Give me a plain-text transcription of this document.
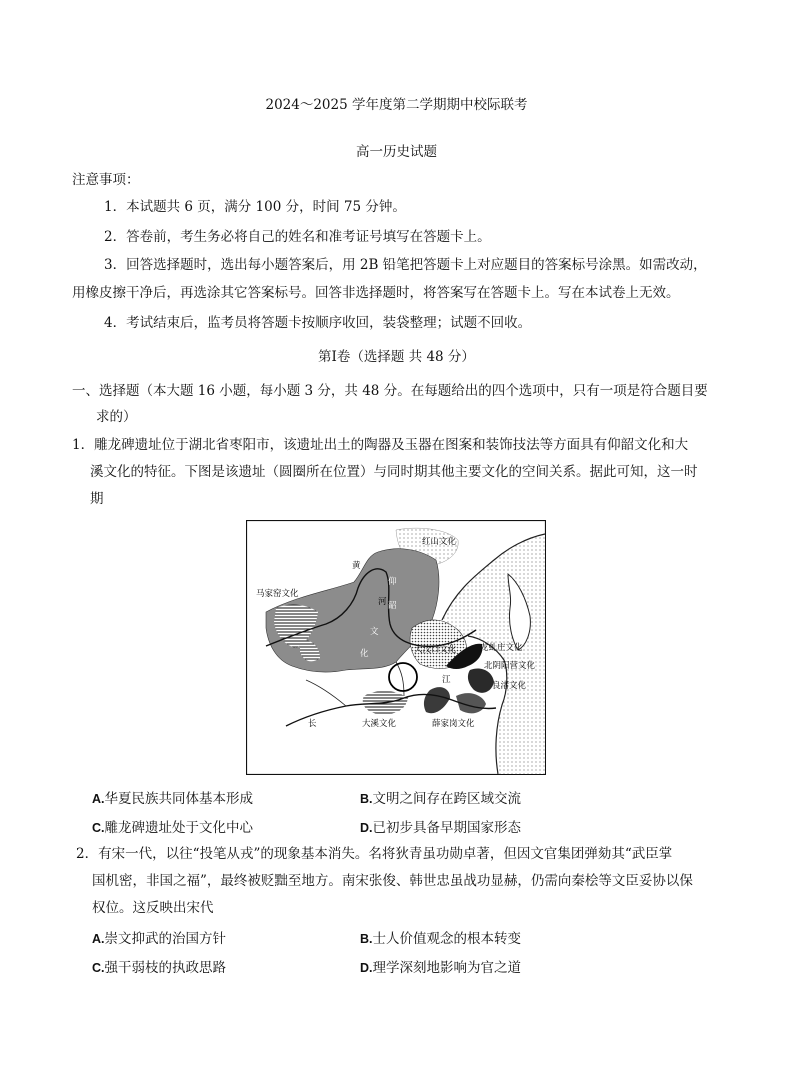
2024～2025 学年度第二学期期中校际联考
高一历史试题
注意事项：
1．本试题共 6 页，满分 100 分，时间 75 分钟。
2．答卷前，考生务必将自己的姓名和准考证号填写在答题卡上。
3．回答选择题时，选出每小题答案后，用 2B 铅笔把答题卡上对应题目的答案标号涂黑。如需改动，
用橡皮擦干净后，再选涂其它答案标号。回答非选择题时，将答案写在答题卡上。写在本试卷上无效。
4．考试结束后，监考员将答题卡按顺序收回，装袋整理；试题不回收。
第Ⅰ卷（选择题 共 48 分）
一、选择题（本大题 16 小题，每小题 3 分，共 48 分。在每题给出的四个选项中，只有一项是符合题目要
求的）
1．雕龙碑遗址位于湖北省枣阳市，该遗址出土的陶器及玉器在图案和装饰技法等方面具有仰韶文化和大
溪文化的特征。下图是该遗址（圆圈所在位置）与同时期其他主要文化的空间关系。据此可知，这一时
期
红山文化
马家窑文化
黄
河
仰
韶
文
化	大汶口文化	龙虬庄文化
北阴阳营文化
良渚文化
江
长	大溪文化	薛家岗文化
A.华夏民族共同体基本形成	B.文明之间存在跨区域交流
C.雕龙碑遗址处于文化中心	D.已初步具备早期国家形态
2．有宋一代，以往“投笔从戎”的现象基本消失。名将狄青虽功勋卓著，但因文官集团弹劾其“武臣掌
国机密，非国之福”，最终被贬黜至地方。南宋张俊、韩世忠虽战功显赫，仍需向秦桧等文臣妥协以保
权位。这反映出宋代
A.崇文抑武的治国方针	B.士人价值观念的根本转变
C.强干弱枝的执政思路	D.理学深刻地影响为官之道
